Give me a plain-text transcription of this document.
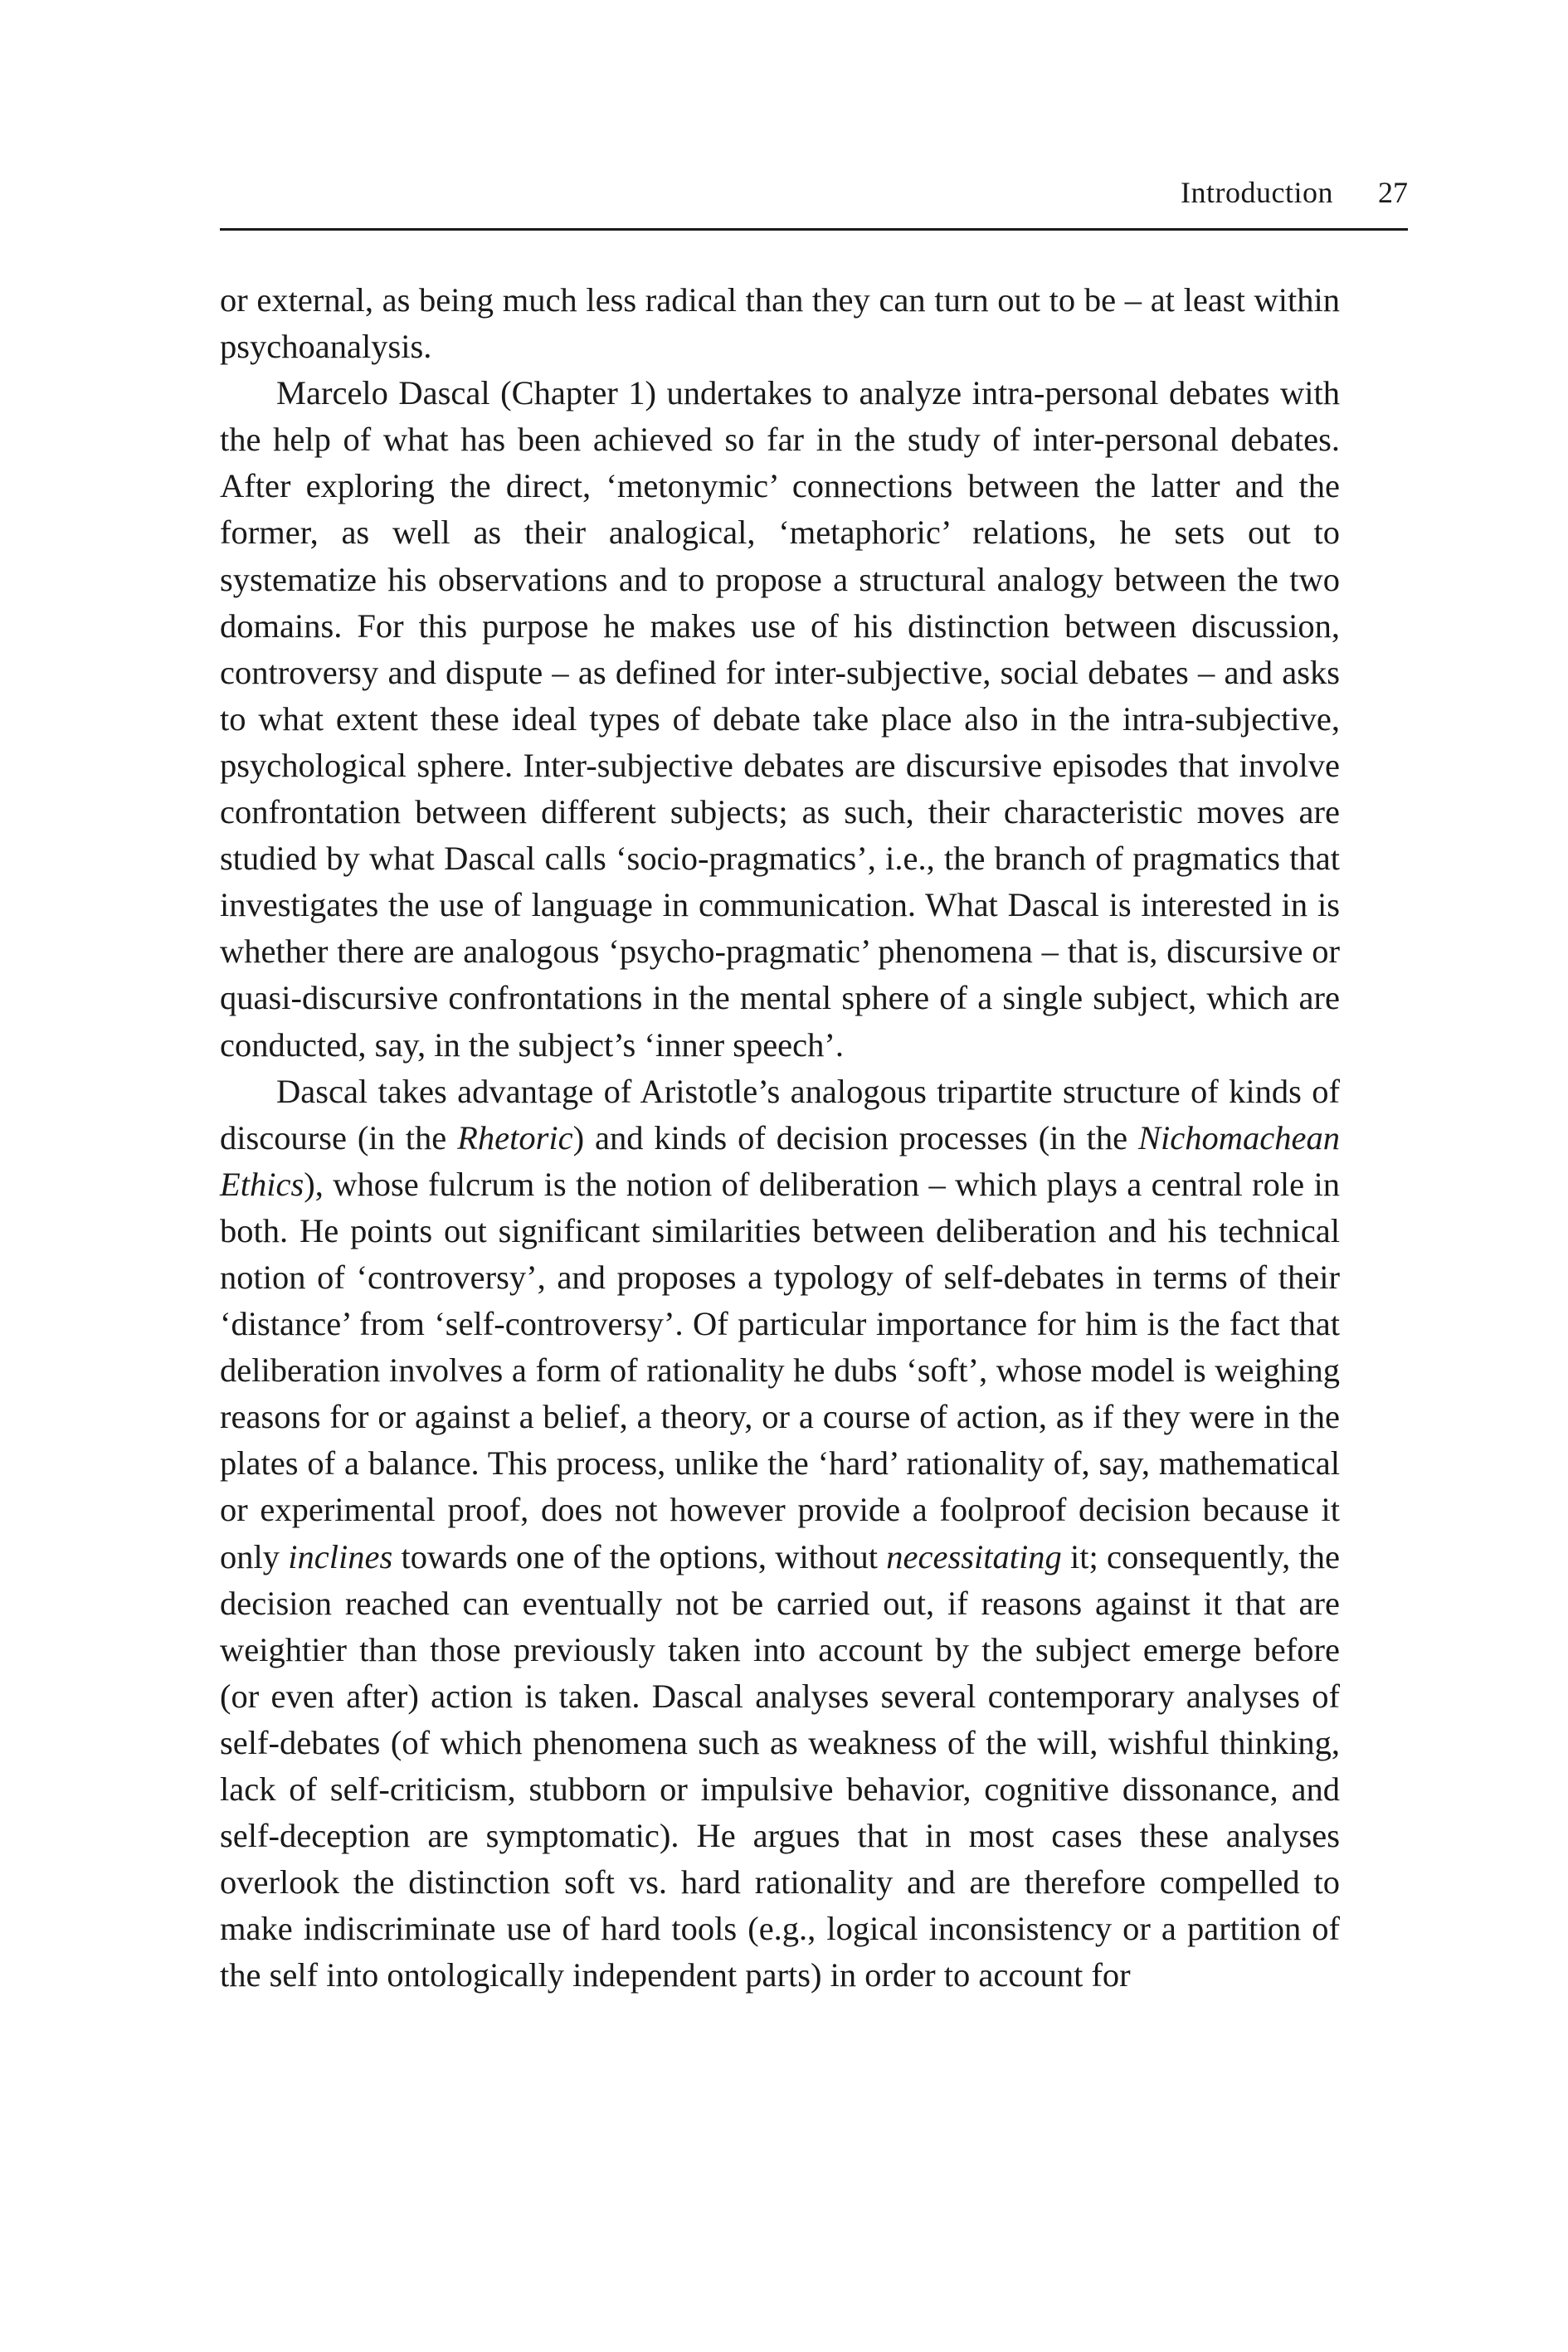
Introduction 27

or external, as being much less radical than they can turn out to be – at least within psychoanalysis.

Marcelo Dascal (Chapter 1) undertakes to analyze intra-personal debates with the help of what has been achieved so far in the study of inter-personal debates. After exploring the direct, ‘metonymic’ connections between the latter and the former, as well as their analogical, ‘metaphoric’ relations, he sets out to systematize his observations and to propose a structural analogy between the two domains. For this purpose he makes use of his distinction between discussion, controversy and dispute – as defined for inter-subjective, social debates – and asks to what extent these ideal types of debate take place also in the intra-subjective, psychological sphere. Inter-subjective debates are discursive episodes that involve confrontation between different subjects; as such, their characteristic moves are studied by what Dascal calls ‘socio-pragmatics’, i.e., the branch of pragmatics that investigates the use of language in communication. What Dascal is interested in is whether there are analogous ‘psycho-pragmatic’ phenomena – that is, discursive or quasi-discursive confrontations in the mental sphere of a single subject, which are conducted, say, in the subject’s ‘inner speech’.

Dascal takes advantage of Aristotle’s analogous tripartite structure of kinds of discourse (in the Rhetoric) and kinds of decision processes (in the Nichomachean Ethics), whose fulcrum is the notion of deliberation – which plays a central role in both. He points out significant similarities between deliberation and his technical notion of ‘controversy’, and proposes a typology of self-debates in terms of their ‘distance’ from ‘self-controversy’. Of particular importance for him is the fact that deliberation involves a form of rationality he dubs ‘soft’, whose model is weighing reasons for or against a belief, a theory, or a course of action, as if they were in the plates of a balance. This process, unlike the ‘hard’ rationality of, say, mathematical or experimental proof, does not however provide a foolproof decision because it only inclines towards one of the options, without necessitating it; consequently, the decision reached can eventually not be carried out, if reasons against it that are weightier than those previously taken into account by the subject emerge before (or even after) action is taken. Dascal analyses several contemporary analyses of self-debates (of which phenomena such as weakness of the will, wishful thinking, lack of self-criticism, stubborn or impulsive behavior, cognitive dissonance, and self-deception are symptomatic). He argues that in most cases these analyses overlook the distinction soft vs. hard rationality and are therefore compelled to make indiscriminate use of hard tools (e.g., logical inconsistency or a partition of the self into ontologically independent parts) in order to account for
